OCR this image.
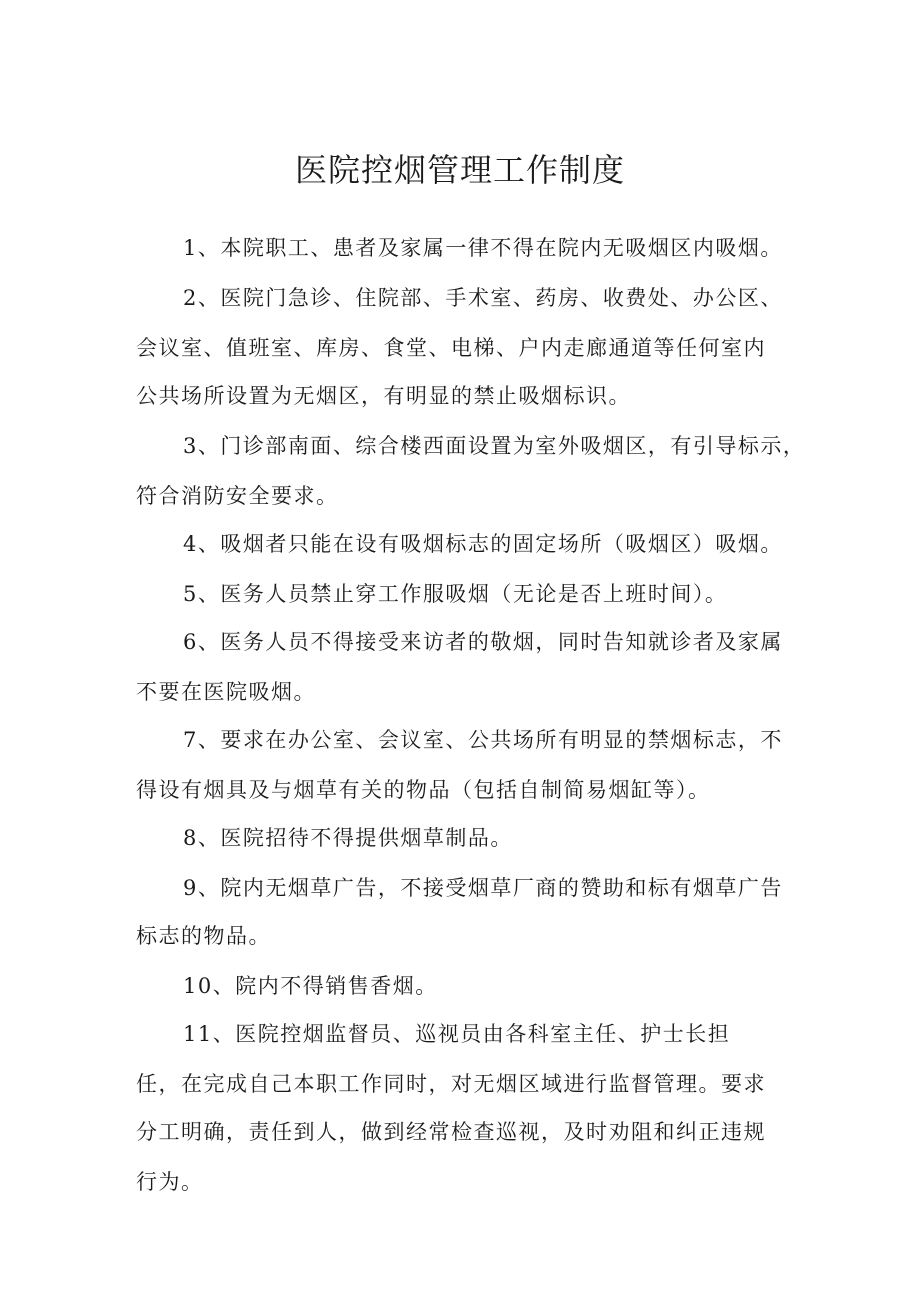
医院控烟管理工作制度
1、本院职工、患者及家属一律不得在院内无吸烟区内吸烟。
2、医院门急诊、住院部、手术室、药房、收费处、办公区、
会议室、值班室、库房、食堂、电梯、户内走廊通道等任何室内
公共场所设置为无烟区，有明显的禁止吸烟标识。
3、门诊部南面、综合楼西面设置为室外吸烟区，有引导标示，
符合消防安全要求。
4、吸烟者只能在设有吸烟标志的固定场所（吸烟区）吸烟。
5、医务人员禁止穿工作服吸烟（无论是否上班时间）。
6、医务人员不得接受来访者的敬烟，同时告知就诊者及家属
不要在医院吸烟。
7、要求在办公室、会议室、公共场所有明显的禁烟标志，不
得设有烟具及与烟草有关的物品（包括自制简易烟缸等）。
8、医院招待不得提供烟草制品。
9、院内无烟草广告，不接受烟草厂商的赞助和标有烟草广告
标志的物品。
10、院内不得销售香烟。
11、医院控烟监督员、巡视员由各科室主任、护士长担
任，在完成自己本职工作同时，对无烟区域进行监督管理。要求
分工明确，责任到人，做到经常检查巡视，及时劝阻和纠正违规
行为。
